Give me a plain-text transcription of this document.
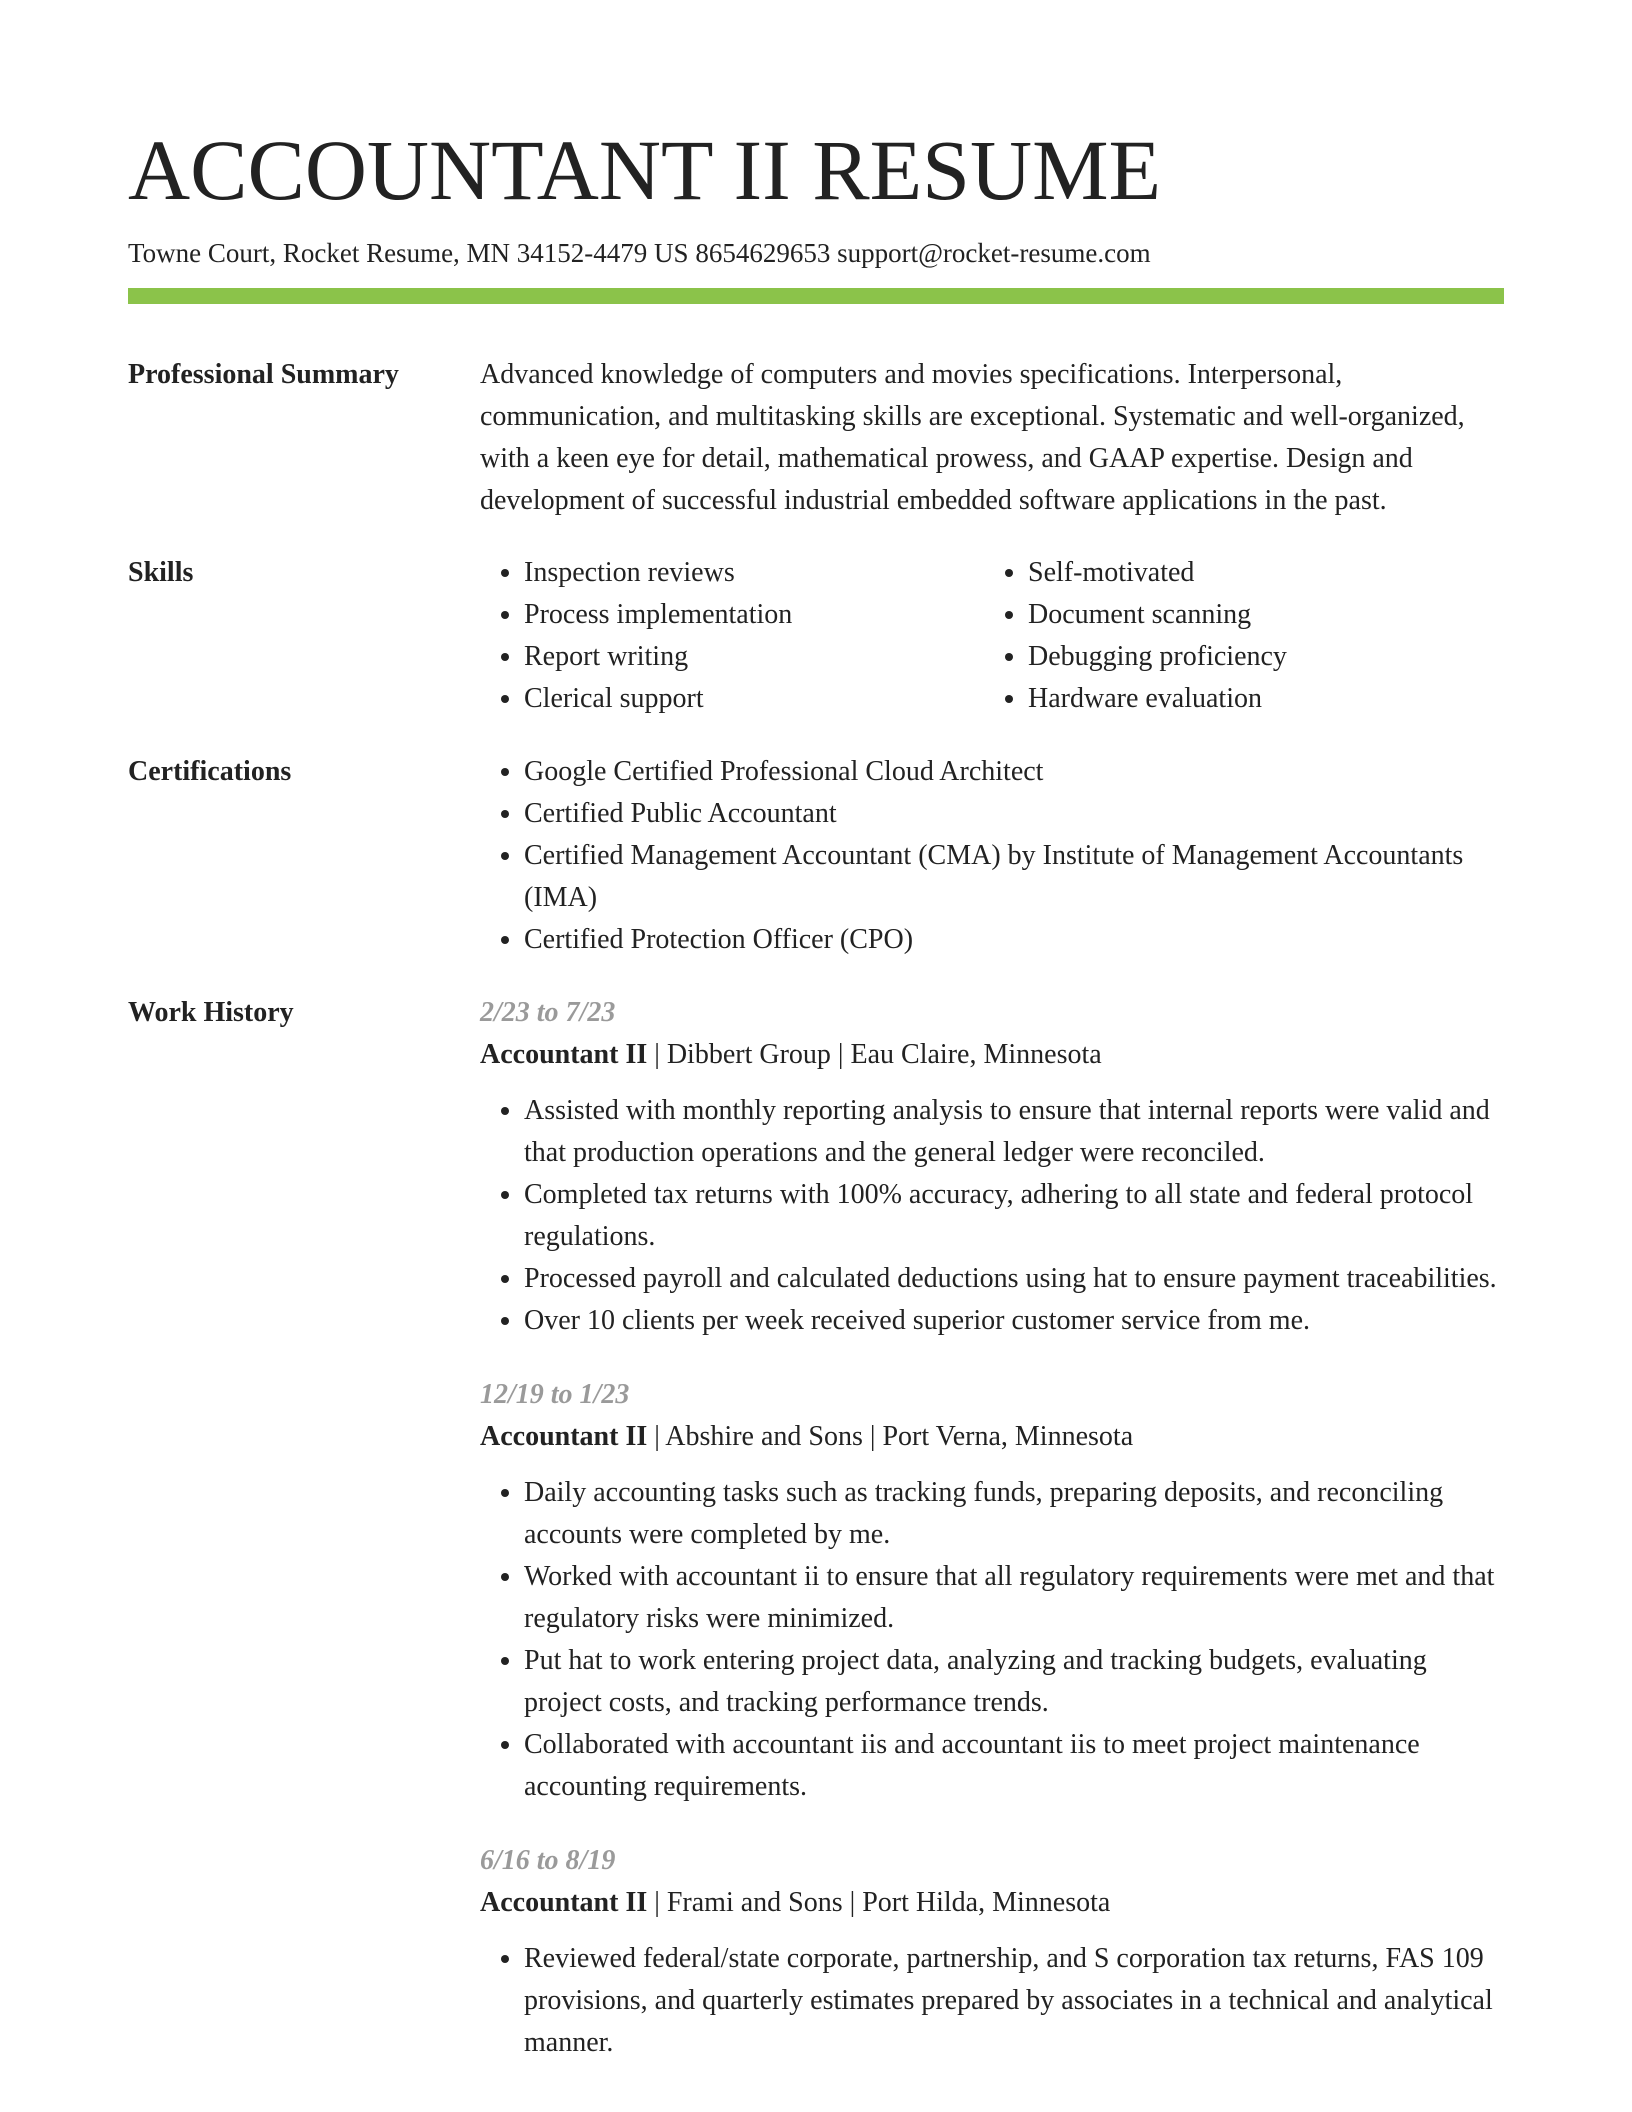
ACCOUNTANT II RESUME
Towne Court, Rocket Resume, MN 34152-4479 US 8654629653 support@rocket-resume.com
Professional Summary	Advanced knowledge of computers and movies specifications. Interpersonal, communication, and multitasking skills are exceptional. Systematic and well-organized, with a keen eye for detail, mathematical prowess, and GAAP expertise. Design and development of successful industrial embedded software applications in the past.

Skills	• Inspection reviews
• Process implementation
• Report writing
• Clerical support
• Self-motivated
• Document scanning
• Debugging proficiency
• Hardware evaluation
Certifications	• Google Certified Professional Cloud Architect
• Certified Public Accountant
• Certified Management Accountant (CMA) by Institute of Management Accountants (IMA)
• Certified Protection Officer (CPO)
Work History	2/23 to 7/23
Accountant II | Dibbert Group | Eau Claire, Minnesota
• Assisted with monthly reporting analysis to ensure that internal reports were valid and that production operations and the general ledger were reconciled.
• Completed tax returns with 100% accuracy, adhering to all state and federal protocol regulations.
• Processed payroll and calculated deductions using hat to ensure payment traceabilities.
• Over 10 clients per week received superior customer service from me.
12/19 to 1/23
Accountant II | Abshire and Sons | Port Verna, Minnesota
• Daily accounting tasks such as tracking funds, preparing deposits, and reconciling accounts were completed by me.
• Worked with accountant ii to ensure that all regulatory requirements were met and that regulatory risks were minimized.
• Put hat to work entering project data, analyzing and tracking budgets, evaluating project costs, and tracking performance trends.
• Collaborated with accountant iis and accountant iis to meet project maintenance accounting requirements.
6/16 to 8/19
Accountant II | Frami and Sons | Port Hilda, Minnesota
• Reviewed federal/state corporate, partnership, and S corporation tax returns, FAS 109 provisions, and quarterly estimates prepared by associates in a technical and analytical manner.
